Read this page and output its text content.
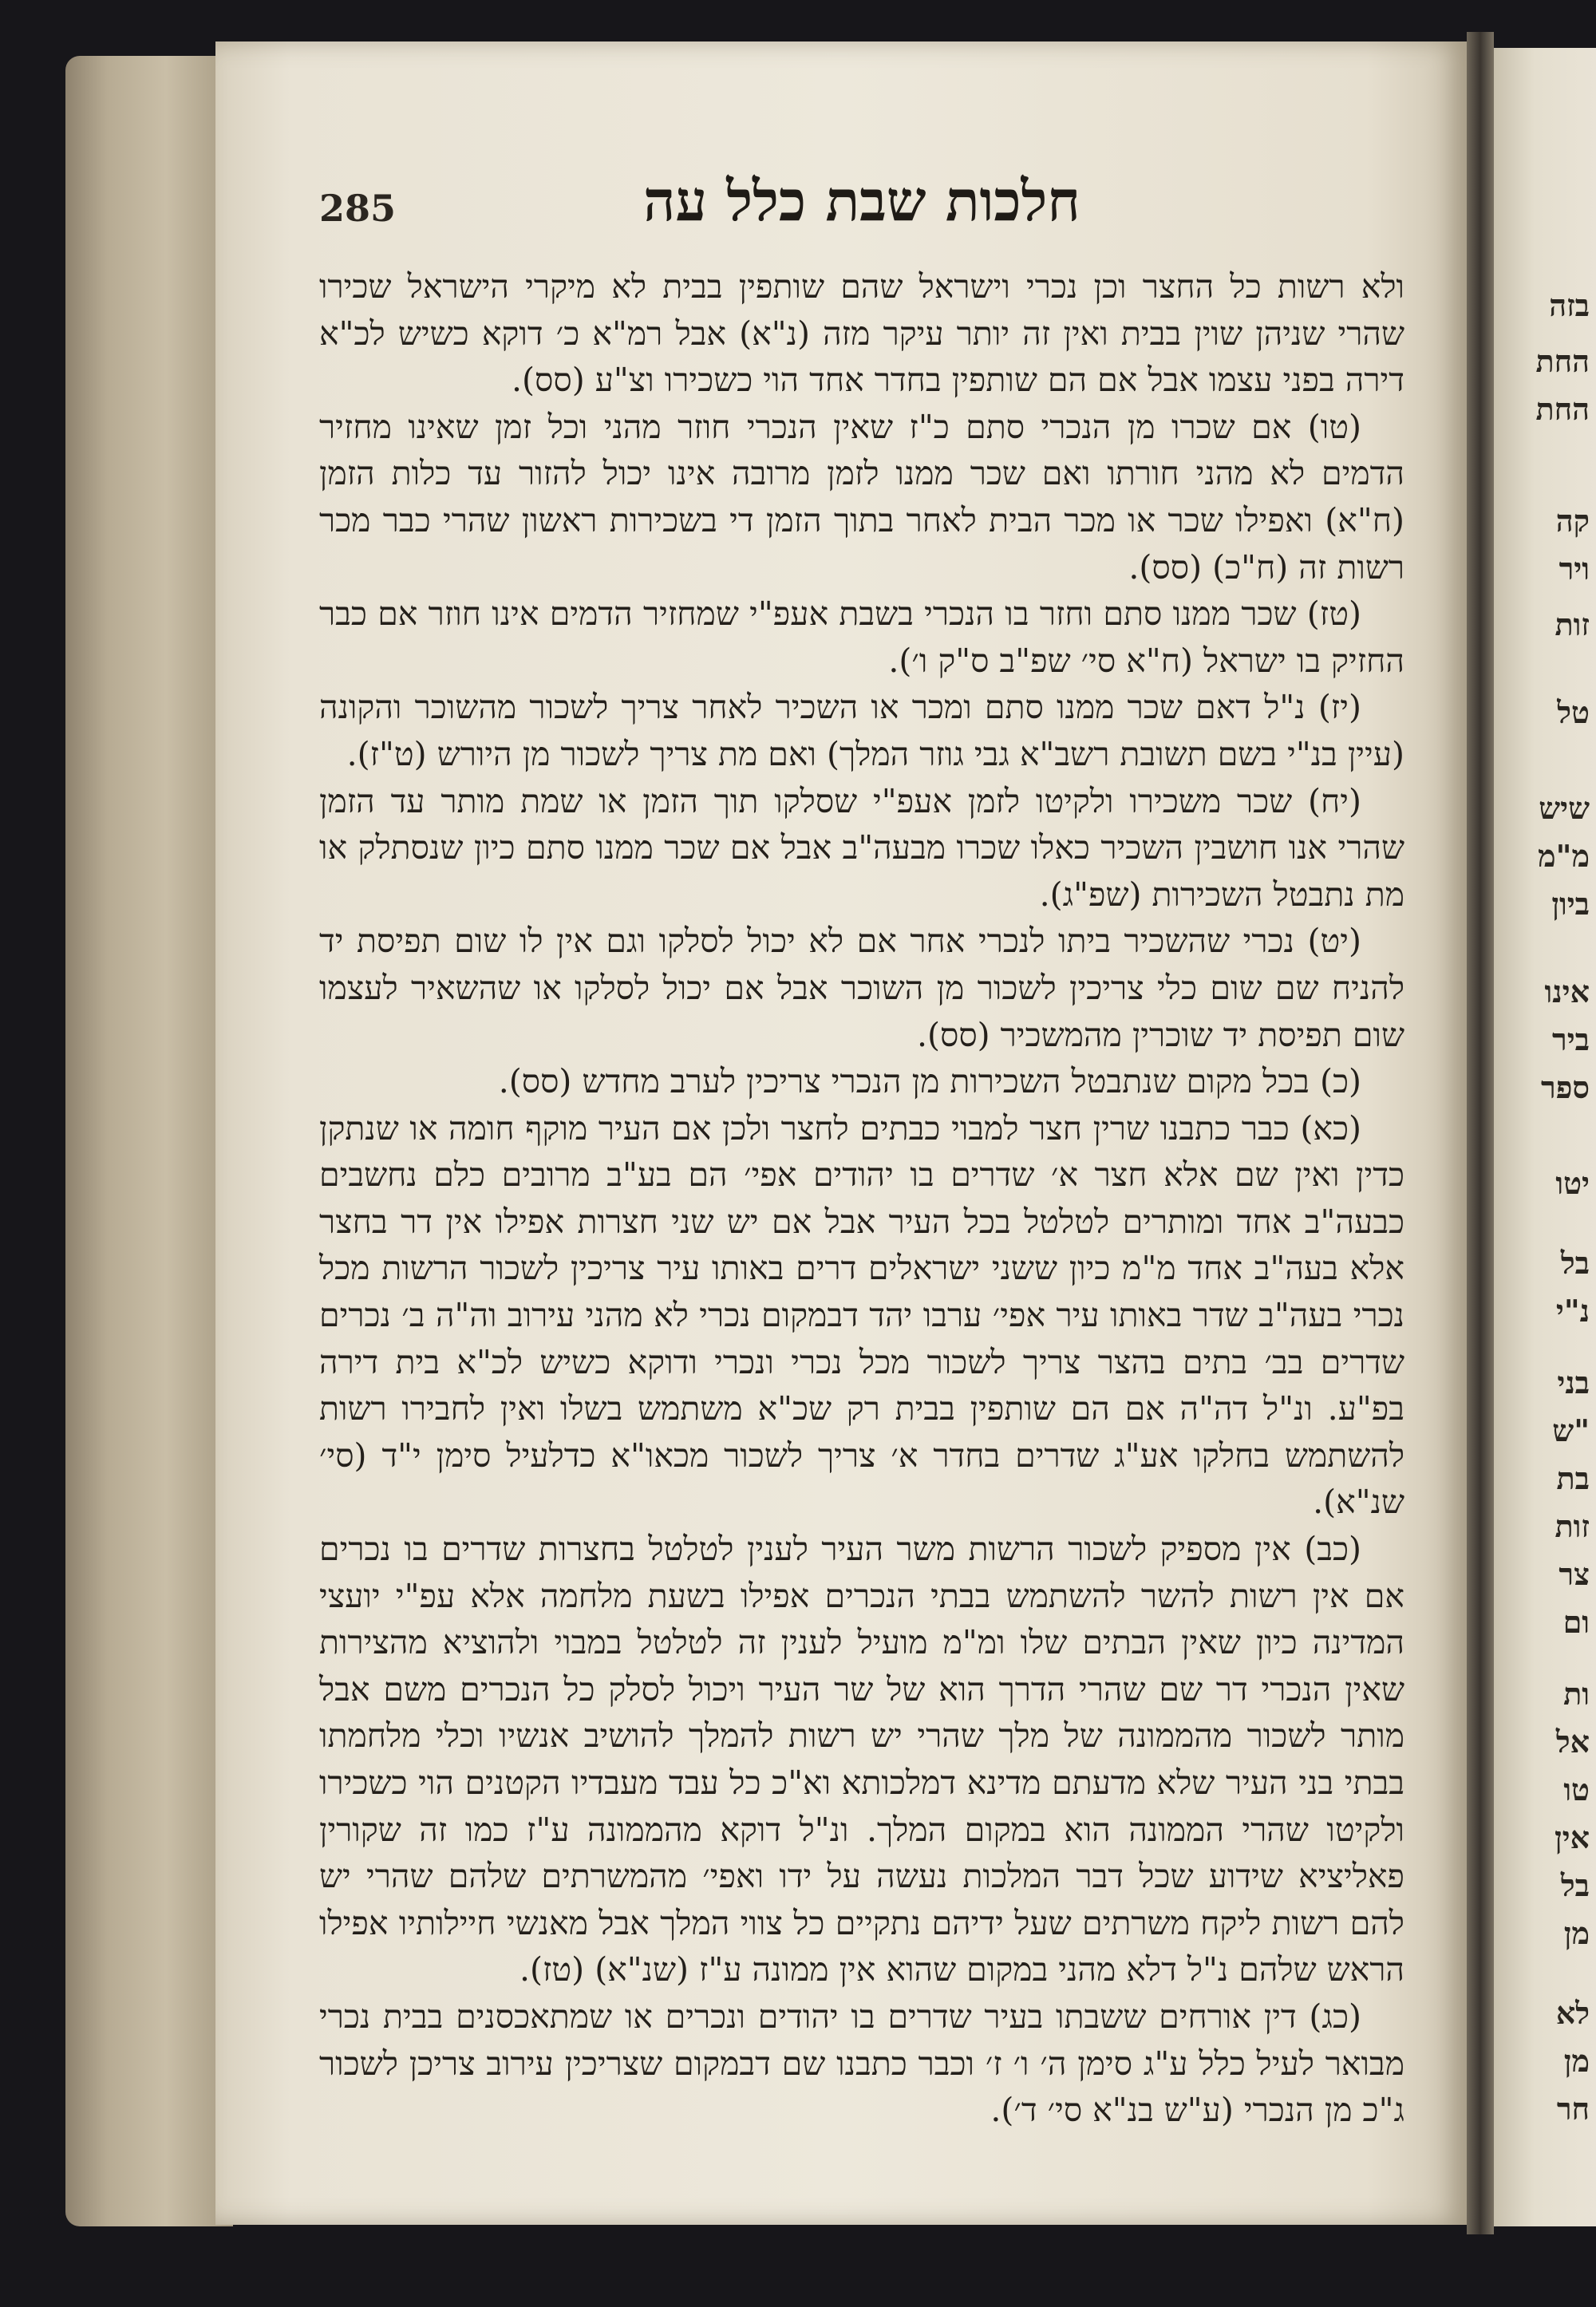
בזה
החת
החת
קה
ויר
זות
טל
שיש
מ"מ
ביון
אינו
ביר
ספר
יטו
בל
נ"י
בני
"ש
בת
זות
צר
ום
ות
אל
טו
אין
בל
מן
לא
מן
חר
285	חלכות שבת כלל עה

ולא רשות כל החצר וכן נכרי וישראל שהם שותפין בבית לא מיקרי הישראל שכירו שהרי שניהן שוין בבית ואין זה יותר עיקר מזה (נ"א) אבל רמ"א כ׳ דוקא כשיש לכ"א דירה בפני עצמו אבל אם הם שותפין בחדר אחד הוי כשכירו וצ"ע (סס).

(טו) אם שכרו מן הנכרי סתם כ"ז שאין הנכרי חוזר מהני וכל זמן שאינו מחזיר הדמים לא מהני חורתו ואם שכר ממנו לזמן מרובה אינו יכול להזור עד כלות הזמן (ח"א) ואפילו שכר או מכר הבית לאחר בתוך הזמן די בשכירות ראשון שהרי כבר מכר רשות זה (ח"כ) (סס).

(טז) שכר ממנו סתם וחזר בו הנכרי בשבת אעפ"י שמחזיר הדמים אינו חוזר אם כבר החזיק בו ישראל (ח"א סי׳ שפ"ב ס"ק ו׳).

(יז) נ"ל דאם שכר ממנו סתם ומכר או השכיר לאחר צריך לשכור מהשוכר והקונה (עיין בנ"י בשם תשובת רשב"א גבי גוזר המלך) ואם מת צריך לשכור מן היורש (ט"ז).

(יח) שכר משכירו ולקיטו לזמן אעפ"י שסלקו תוך הזמן או שמת מותר עד הזמן שהרי אנו חושבין השכיר כאלו שכרו מבעה"ב אבל אם שכר ממנו סתם כיון שנסתלק או מת נתבטל השכירות (שפ"ג).

(יט) נכרי שהשכיר ביתו לנכרי אחר אם לא יכול לסלקו וגם אין לו שום תפיסת יד להניח שם שום כלי צריכין לשכור מן השוכר אבל אם יכול לסלקו או שהשאיר לעצמו שום תפיסת יד שוכרין מהמשכיר (סס).

(כ) בכל מקום שנתבטל השכירות מן הנכרי צריכין לערב מחדש (סס).

(כא) כבר כתבנו שרין חצר למבוי כבתים לחצר ולכן אם העיר מוקף חומה או שנתקן כדין ואין שם אלא חצר א׳ שדרים בו יהודים אפי׳ הם בע"ב מרובים כלם נחשבים כבעה"ב אחד ומותרים לטלטל בכל העיר אבל אם יש שני חצרות אפילו אין דר בחצר אלא בעה"ב אחד מ"מ כיון ששני ישראלים דרים באותו עיר צריכין לשכור הרשות מכל נכרי בעה"ב שדר באותו עיר אפי׳ ערבו יהד דבמקום נכרי לא מהני עירוב וה"ה ב׳ נכרים שדרים בב׳ בתים בהצר צריך לשכור מכל נכרי ונכרי ודוקא כשיש לכ"א בית דירה בפ"ע. ונ"ל דה"ה אם הם שותפין בבית רק שכ"א משתמש בשלו ואין לחבירו רשות להשתמש בחלקו אע"ג שדרים בחדר א׳ צריך לשכור מכאו"א כדלעיל סימן י"ד (סי׳ שנ"א).

(כב) אין מספיק לשכור הרשות משר העיר לענין לטלטל בחצרות שדרים בו נכרים אם אין רשות להשר להשתמש בבתי הנכרים אפילו בשעת מלחמה אלא עפ"י יועצי המדינה כיון שאין הבתים שלו ומ"מ מועיל לענין זה לטלטל במבוי ולהוציא מהצירות שאין הנכרי דר שם שהרי הדרך הוא של שר העיר ויכול לסלק כל הנכרים משם אבל מותר לשכור מהממונה של מלך שהרי יש רשות להמלך להושיב אנשיו וכלי מלחמתו בבתי בני העיר שלא מדעתם מדינא דמלכותא וא"כ כל עבד מעבדיו הקטנים הוי כשכירו ולקיטו שהרי הממונה הוא במקום המלך. ונ"ל דוקא מהממונה ע"ז כמו זה שקורין פאליציא שידוע שכל דבר המלכות נעשה על ידו ואפי׳ מהמשרתים שלהם שהרי יש להם רשות ליקח משרתים שעל ידיהם נתקיים כל צווי המלך אבל מאנשי חיילותיו אפילו הראש שלהם נ"ל דלא מהני במקום שהוא אין ממונה ע"ז (שנ"א) (טז).

(כג) דין אורחים ששבתו בעיר שדרים בו יהודים ונכרים או שמתאכסנים בבית נכרי מבואר לעיל כלל ע"ג סימן ה׳ ו׳ ז׳ וכבר כתבנו שם דבמקום שצריכין עירוב צריכן לשכור ג"כ מן הנכרי (ע"ש בנ"א סי׳ ד׳).
